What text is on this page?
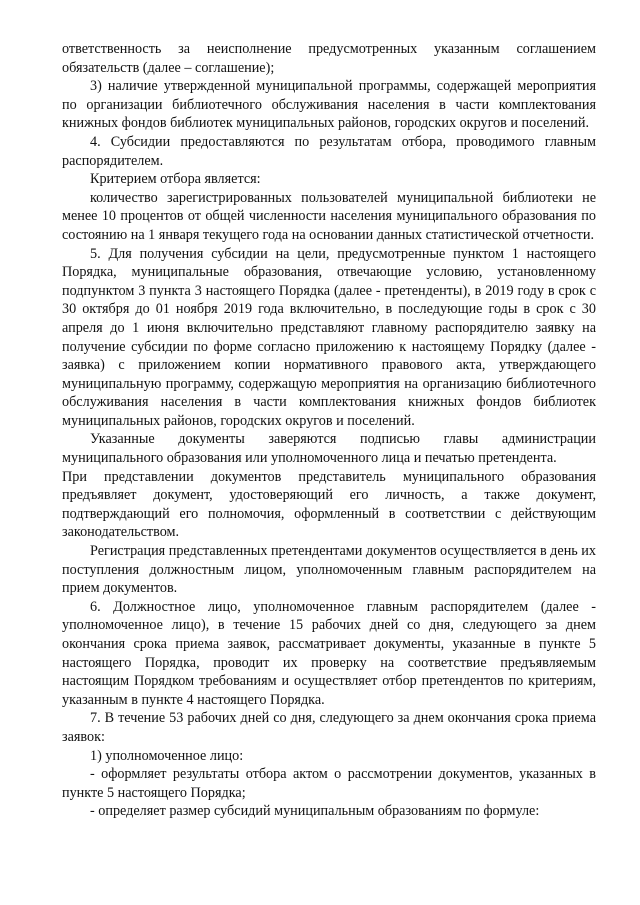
ответственность за неисполнение предусмотренных указанным соглашением обязательств (далее – соглашение);

3) наличие утвержденной муниципальной программы, содержащей мероприятия по организации библиотечного обслуживания населения в части комплектования книжных фондов библиотек муниципальных районов, городских округов и поселений.

4. Субсидии предоставляются по результатам отбора, проводимого главным распорядителем.

Критерием отбора является:

количество зарегистрированных пользователей муниципальной библиотеки не менее 10 процентов от общей численности населения муниципального образования по состоянию на 1 января текущего года на основании данных статистической отчетности.

5. Для получения субсидии на цели, предусмотренные пунктом 1 настоящего Порядка, муниципальные образования, отвечающие условию, установленному подпунктом 3 пункта 3 настоящего Порядка (далее - претенденты), в 2019 году в срок с 30 октября до 01 ноября 2019 года включительно, в последующие годы в срок с 30 апреля до 1 июня включительно представляют главному распорядителю заявку на получение субсидии по форме согласно приложению к настоящему Порядку (далее - заявка) с приложением копии нормативного правового акта, утверждающего муниципальную программу, содержащую мероприятия на организацию библиотечного обслуживания населения в части комплектования книжных фондов библиотек муниципальных районов, городских округов и поселений.

Указанные документы заверяются подписью главы администрации муниципального образования или уполномоченного лица и печатью претендента.

При представлении документов представитель муниципального образования предъявляет документ, удостоверяющий его личность, а также документ, подтверждающий его полномочия, оформленный в соответствии с действующим законодательством.

Регистрация представленных претендентами документов осуществляется в день их поступления должностным лицом, уполномоченным главным распорядителем на прием документов.

6. Должностное лицо, уполномоченное главным распорядителем (далее - уполномоченное лицо), в течение 15 рабочих дней со дня, следующего за днем окончания срока приема заявок, рассматривает документы, указанные в пункте 5 настоящего Порядка, проводит их проверку на соответствие предъявляемым настоящим Порядком требованиям и осуществляет отбор претендентов по критериям, указанным в пункте 4 настоящего Порядка.

7. В течение 53 рабочих дней со дня, следующего за днем окончания срока приема заявок:

1) уполномоченное лицо:

- оформляет результаты отбора актом о рассмотрении документов, указанных в пункте 5 настоящего Порядка;

- определяет размер субсидий муниципальным образованиям по формуле:
